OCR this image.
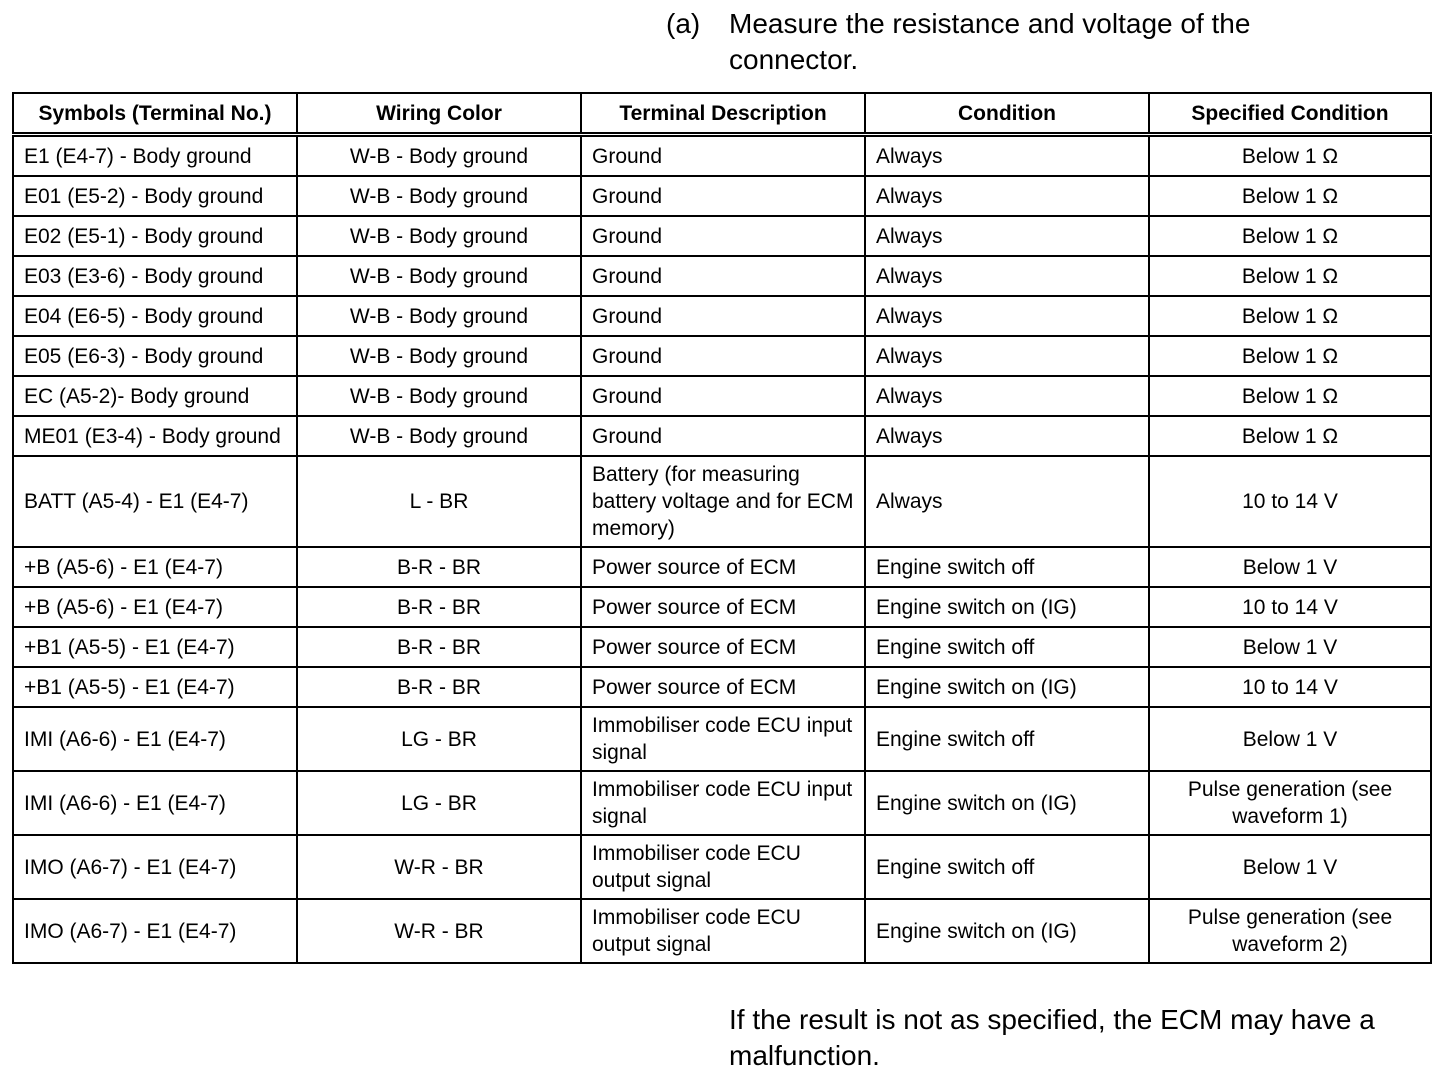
(a) Measure the resistance and voltage of the connector.
Symbols (Terminal No.)	Wiring Color	Terminal Description	Condition	Specified Condition
E1 (E4-7) - Body ground	W-B - Body ground	Ground	Always	Below 1 Ω
E01 (E5-2) - Body ground	W-B - Body ground	Ground	Always	Below 1 Ω
E02 (E5-1) - Body ground	W-B - Body ground	Ground	Always	Below 1 Ω
E03 (E3-6) - Body ground	W-B - Body ground	Ground	Always	Below 1 Ω
E04 (E6-5) - Body ground	W-B - Body ground	Ground	Always	Below 1 Ω
E05 (E6-3) - Body ground	W-B - Body ground	Ground	Always	Below 1 Ω
EC (A5-2)- Body ground	W-B - Body ground	Ground	Always	Below 1 Ω
ME01 (E3-4) - Body ground	W-B - Body ground	Ground	Always	Below 1 Ω
BATT (A5-4) - E1 (E4-7)	L - BR	Battery (for measuring battery voltage and for ECM memory)	Always	10 to 14 V
+B (A5-6) - E1 (E4-7)	B-R - BR	Power source of ECM	Engine switch off	Below 1 V
+B (A5-6) - E1 (E4-7)	B-R - BR	Power source of ECM	Engine switch on (IG)	10 to 14 V
+B1 (A5-5) - E1 (E4-7)	B-R - BR	Power source of ECM	Engine switch off	Below 1 V
+B1 (A5-5) - E1 (E4-7)	B-R - BR	Power source of ECM	Engine switch on (IG)	10 to 14 V
IMI (A6-6) - E1 (E4-7)	LG - BR	Immobiliser code ECU input signal	Engine switch off	Below 1 V
IMI (A6-6) - E1 (E4-7)	LG - BR	Immobiliser code ECU input signal	Engine switch on (IG)	Pulse generation (see waveform 1)
IMO (A6-7) - E1 (E4-7)	W-R - BR	Immobiliser code ECU output signal	Engine switch off	Below 1 V
IMO (A6-7) - E1 (E4-7)	W-R - BR	Immobiliser code ECU output signal	Engine switch on (IG)	Pulse generation (see waveform 2)
If the result is not as specified, the ECM may have a malfunction.
